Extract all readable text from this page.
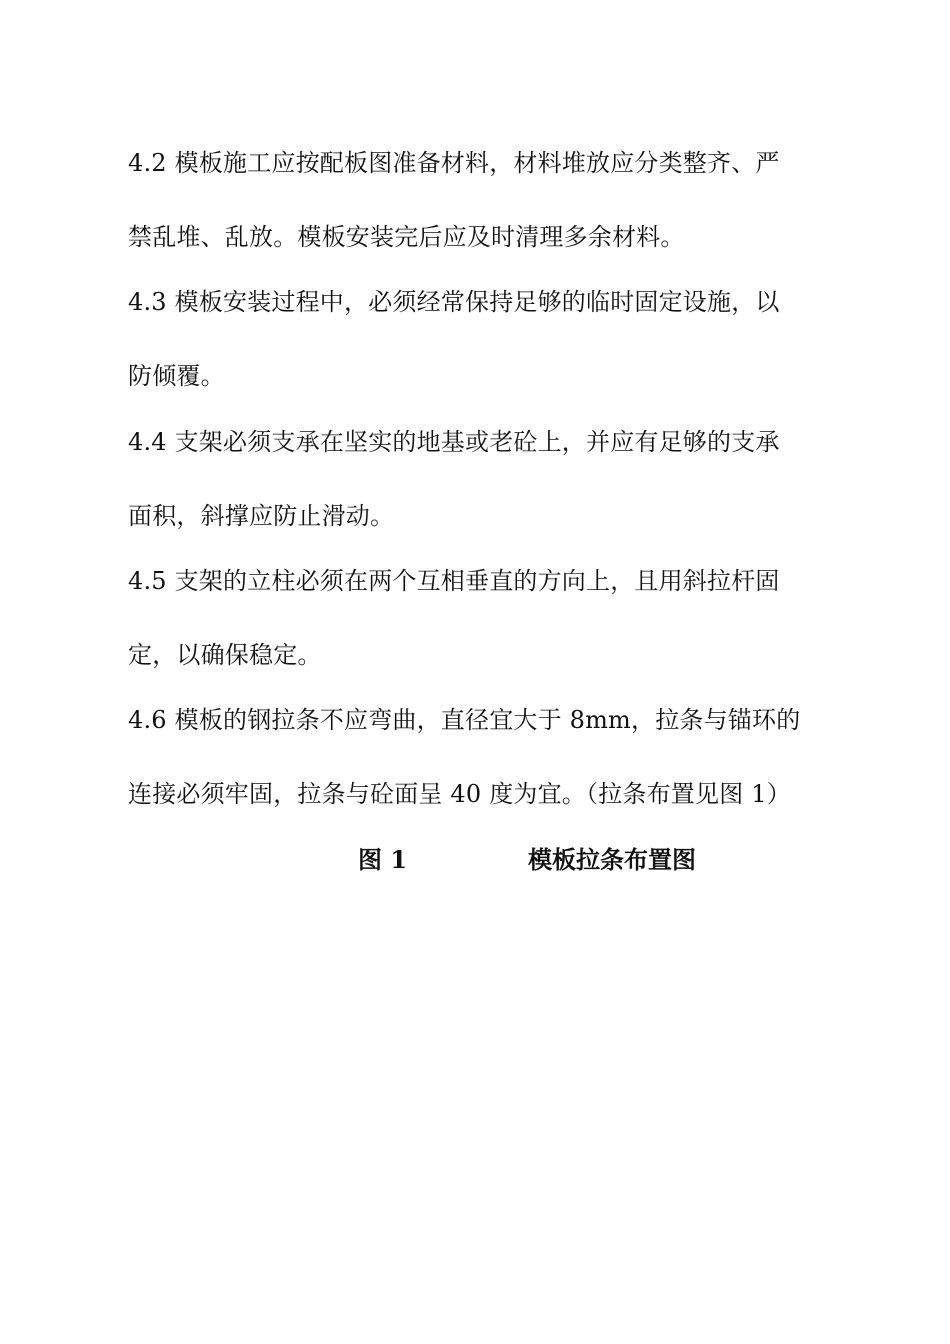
4.2 模板施工应按配板图准备材料，材料堆放应分类整齐、严
禁乱堆、乱放。模板安装完后应及时清理多余材料。
4.3 模板安装过程中，必须经常保持足够的临时固定设施，以
防倾覆。
4.4 支架必须支承在坚实的地基或老砼上，并应有足够的支承
面积，斜撑应防止滑动。
4.5 支架的立柱必须在两个互相垂直的方向上，且用斜拉杆固
定，以确保稳定。
4.6 模板的钢拉条不应弯曲，直径宜大于 8mm，拉条与锚环的
连接必须牢固，拉条与砼面呈 40 度为宜。（拉条布置见图 1）
图 1	模板拉条布置图
